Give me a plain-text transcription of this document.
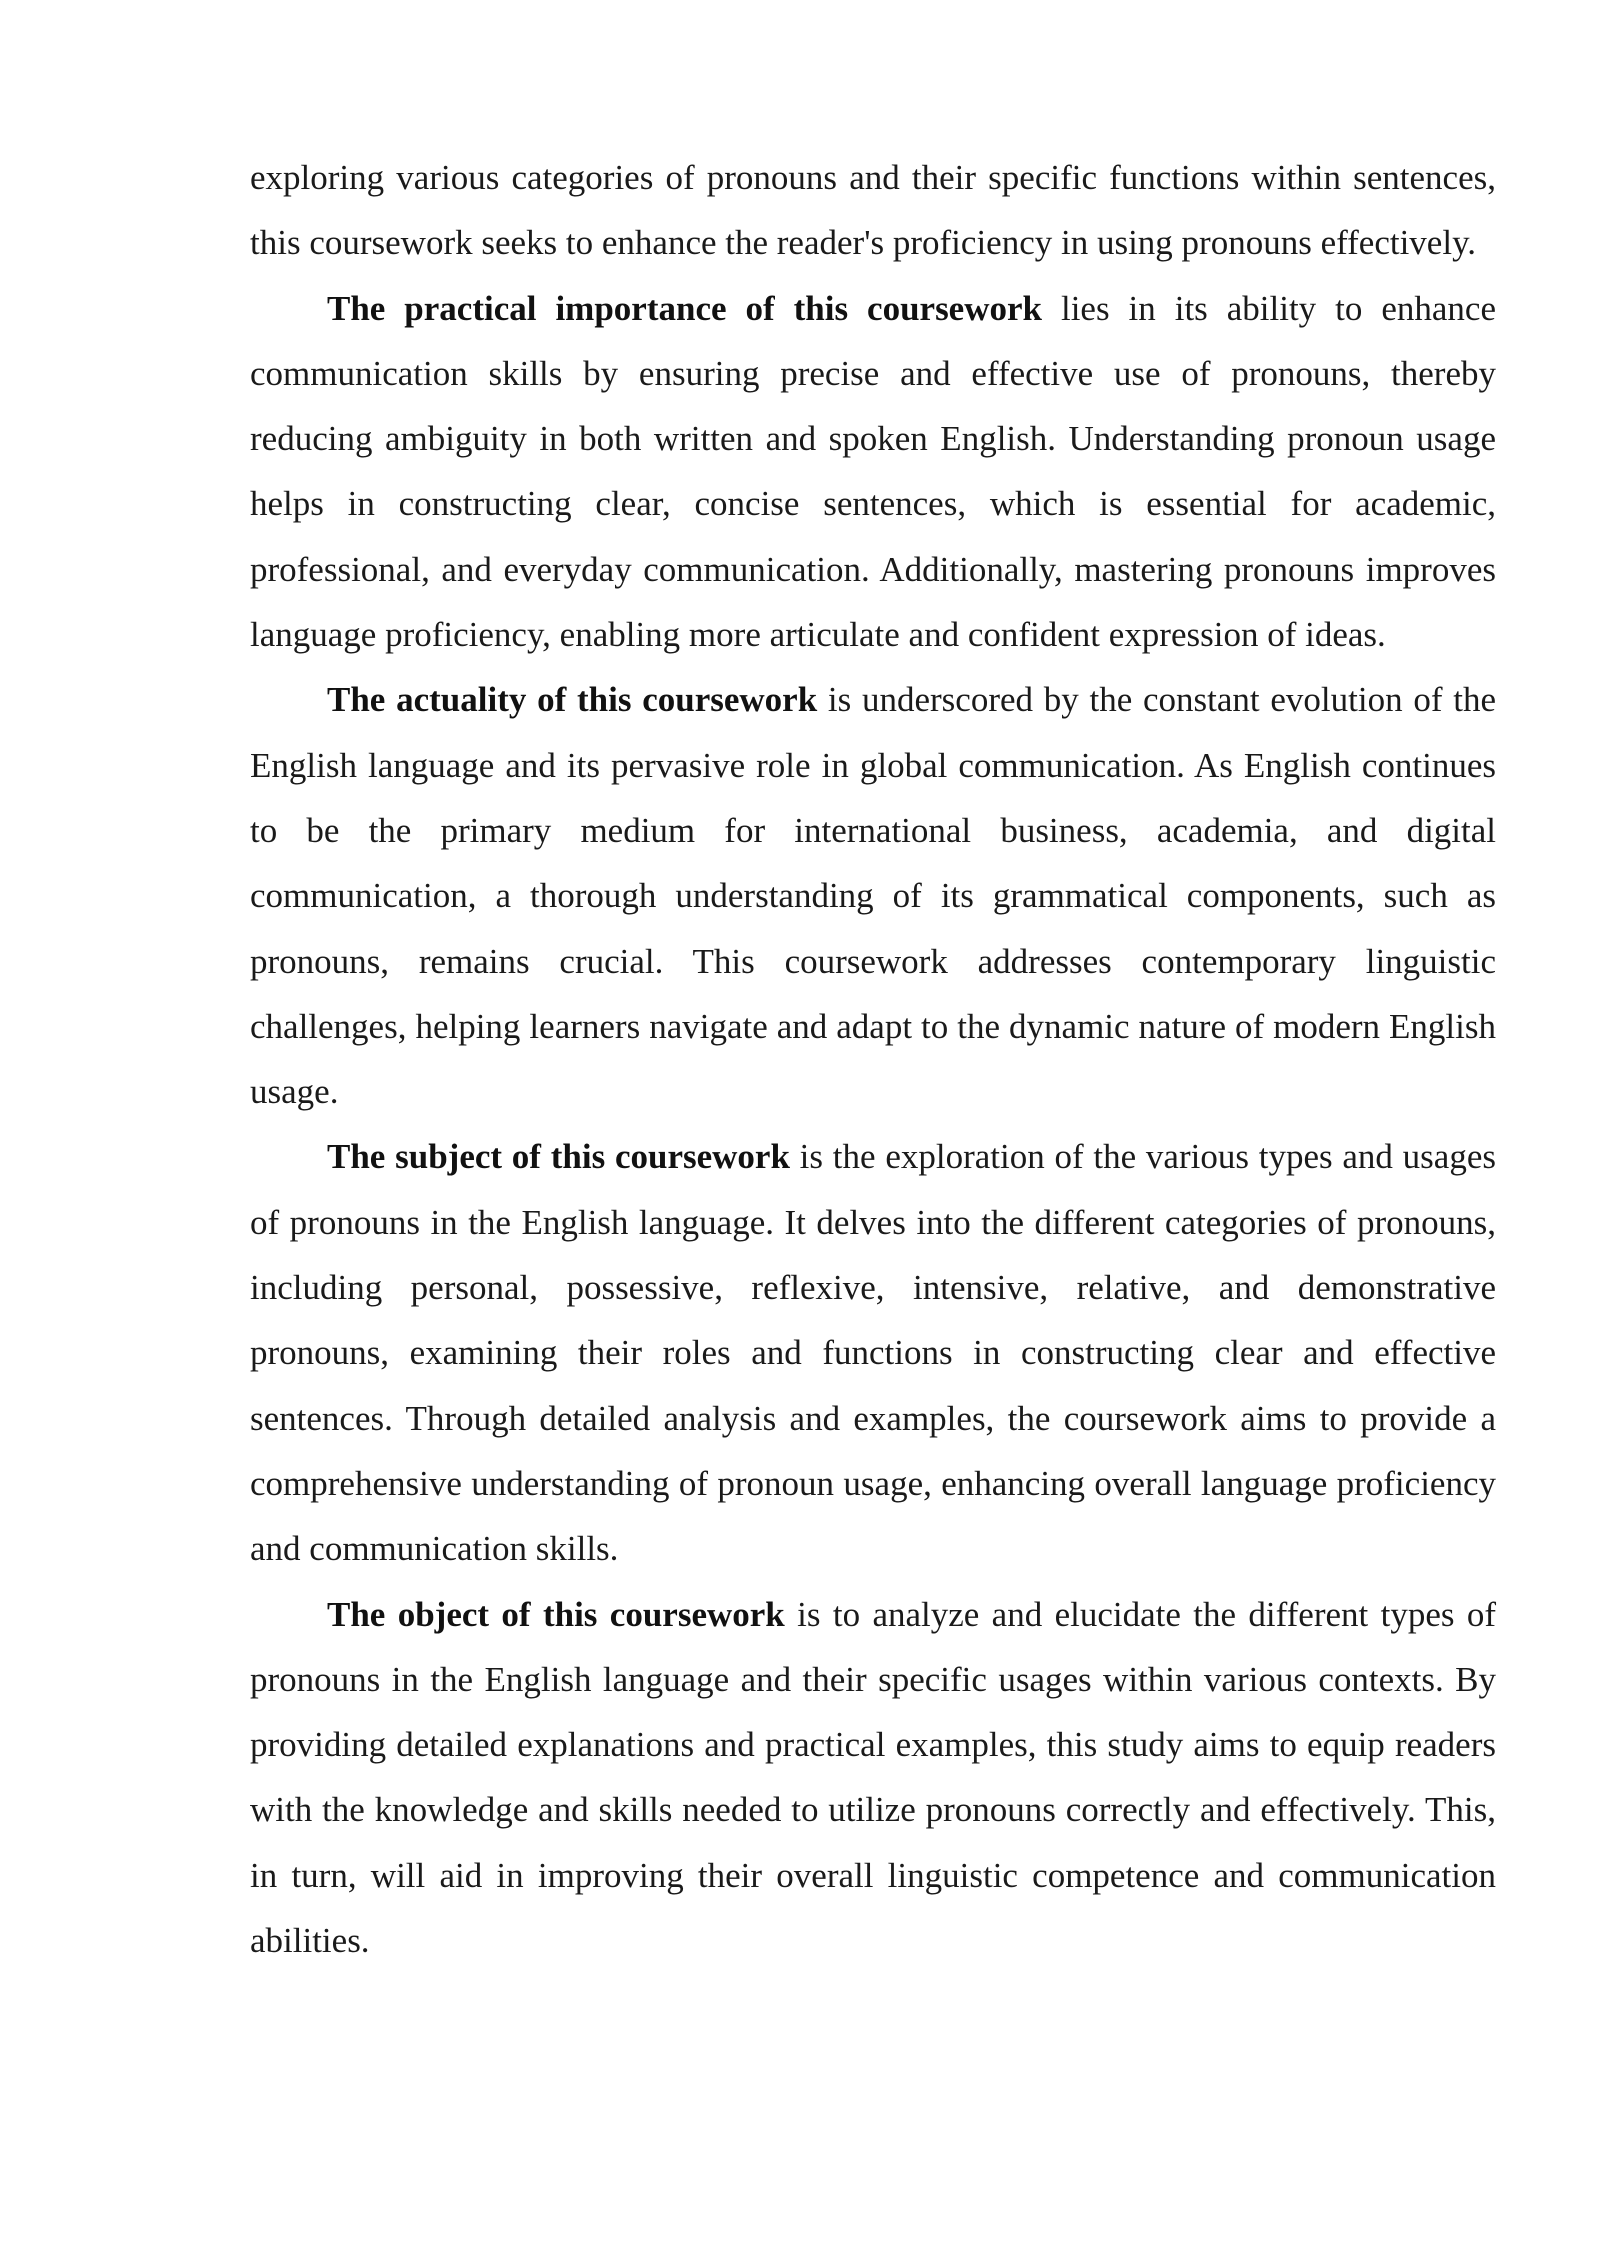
exploring various categories of pronouns and their specific functions within sentences, this coursework seeks to enhance the reader's proficiency in using pronouns effectively.

The practical importance of this coursework lies in its ability to enhance communication skills by ensuring precise and effective use of pronouns, thereby reducing ambiguity in both written and spoken English. Understanding pronoun usage helps in constructing clear, concise sentences, which is essential for academic, professional, and everyday communication. Additionally, mastering pronouns improves language proficiency, enabling more articulate and confident expression of ideas.

The actuality of this coursework is underscored by the constant evolution of the English language and its pervasive role in global communication. As English continues to be the primary medium for international business, academia, and digital communication, a thorough understanding of its grammatical components, such as pronouns, remains crucial. This coursework addresses contemporary linguistic challenges, helping learners navigate and adapt to the dynamic nature of modern English usage.

The subject of this coursework is the exploration of the various types and usages of pronouns in the English language. It delves into the different categories of pronouns, including personal, possessive, reflexive, intensive, relative, and demonstrative pronouns, examining their roles and functions in constructing clear and effective sentences. Through detailed analysis and examples, the coursework aims to provide a comprehensive understanding of pronoun usage, enhancing overall language proficiency and communication skills.

The object of this coursework is to analyze and elucidate the different types of pronouns in the English language and their specific usages within various contexts. By providing detailed explanations and practical examples, this study aims to equip readers with the knowledge and skills needed to utilize pronouns correctly and effectively. This, in turn, will aid in improving their overall linguistic competence and communication abilities.
